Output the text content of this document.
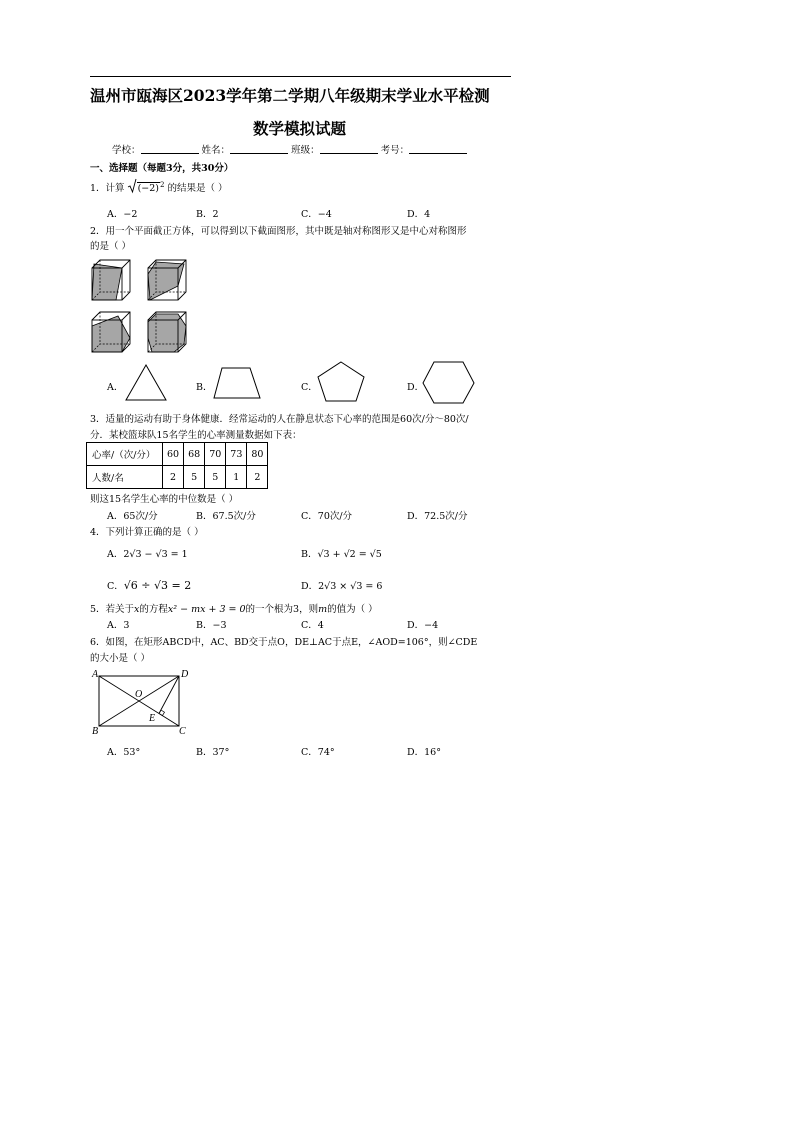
温州市瓯海区2023学年第二学期八年级期末学业水平检测
数学模拟试题
学校：	姓名：	班级：	考号：
一、选择题（每题3分，共30分）
1．计算 $(-2)^2$ 的结果是（ ）
A．−2	B．2	C．−4	D．4
2．用一个平面截正方体，可以得到以下截面图形，其中既是轴对称图形又是中心对称图形
的是（ ）
A．	B．	C．	D．
3．适量的运动有助于身体健康．经常运动的人在静息状态下心率的范围是60次/分～80次/
分．某校篮球队15名学生的心率测量数据如下表：
心率/（次/分）	60	68	70	73	80
人数/名	2	5	5	1	2
则这15名学生心率的中位数是（ ）
A．65次/分	B．67.5次/分	C．70次/分	D．72.5次/分
4．下列计算正确的是（ ）
A．2√3 − √3 = 1	B．√3 + √2 = √5
C．√6 ÷ √3 = 2	D．2√3 × √3 = 6
5．若关于x的方程x² − mx + 3 = 0的一个根为3，则m的值为（ ）
A．3	B．−3	C．4	D．−4
6．如图，在矩形ABCD中，AC、BD交于点O，DE⊥AC于点E，∠AOD=106°，则∠CDE
的大小是（ ）
A	D
B	C
O
E
A．53°	B．37°	C．74°	D．16°
